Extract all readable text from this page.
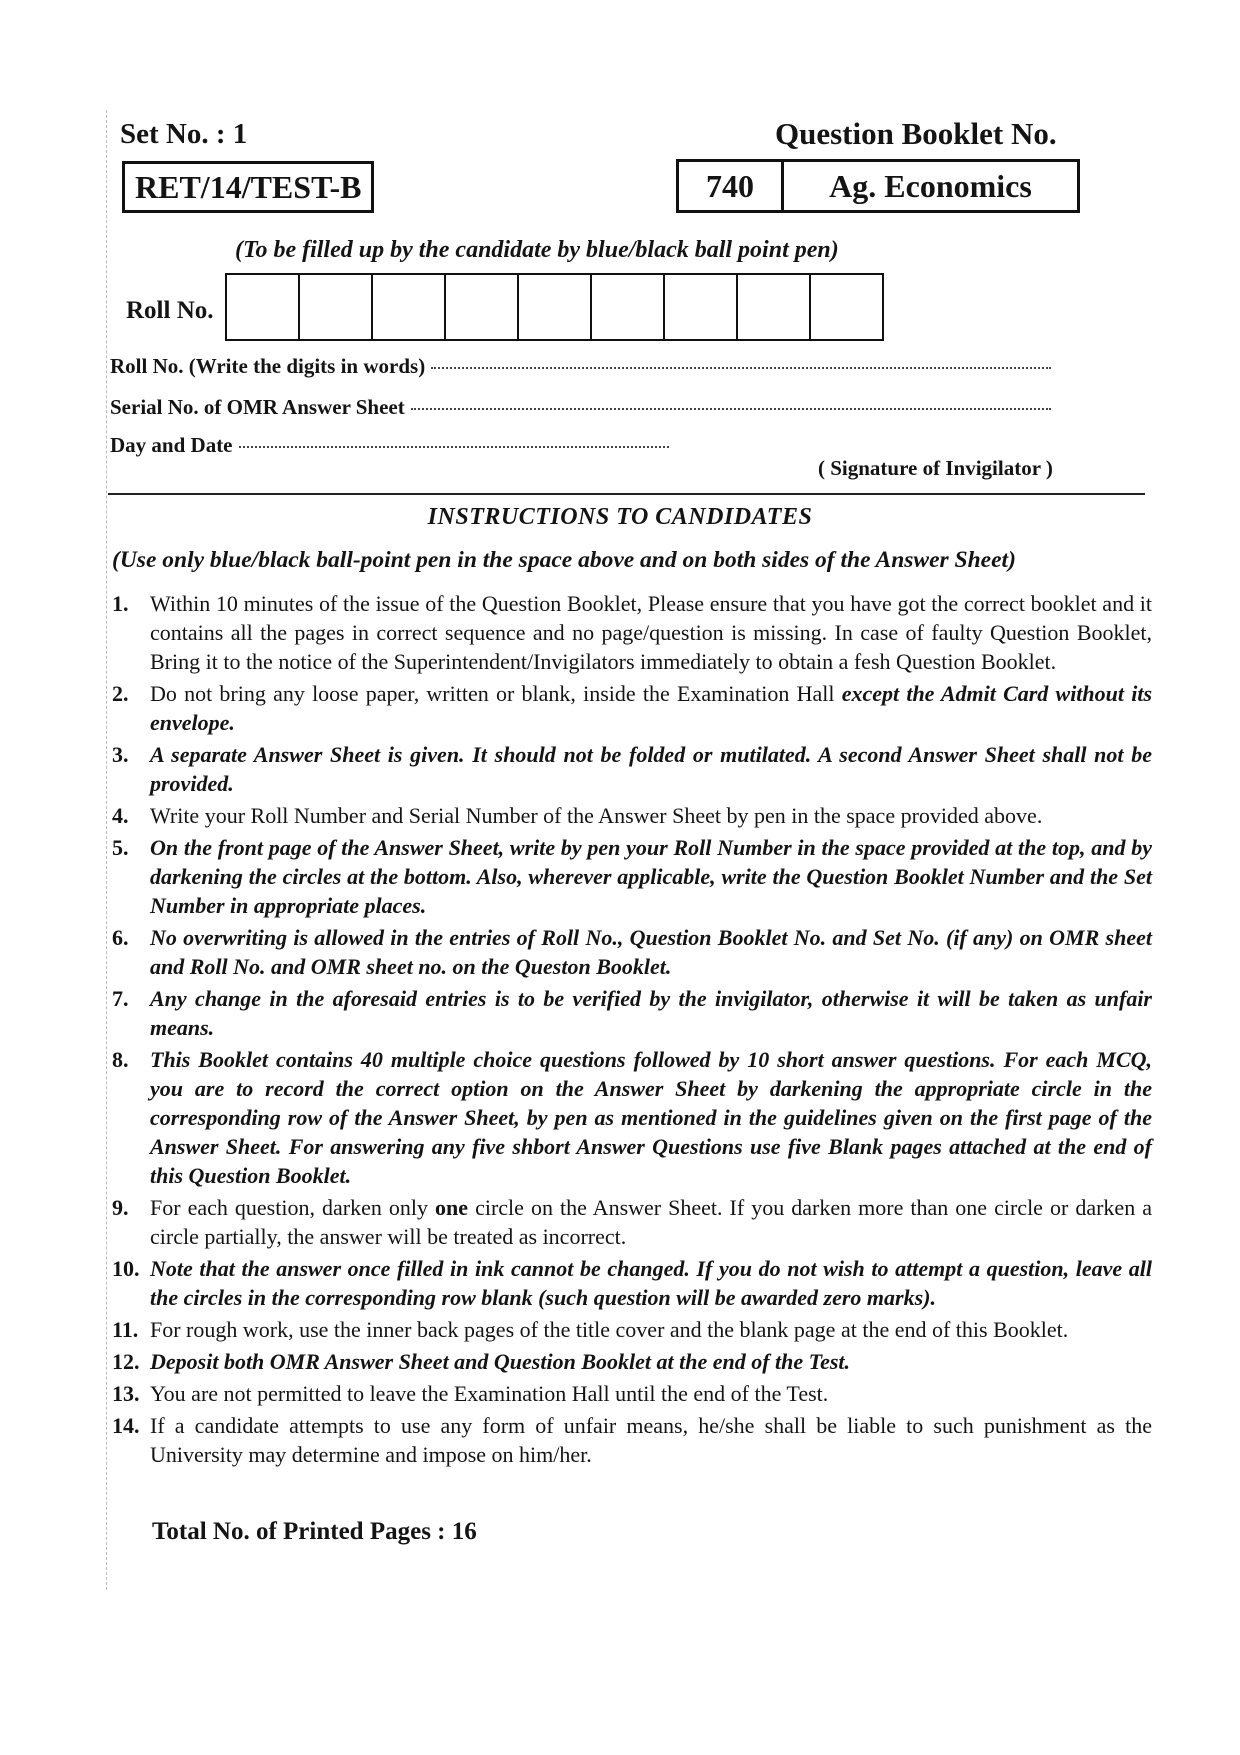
Set No. : 1	Question Booklet No.
RET/14/TEST-B	740	Ag. Economics
(To be filled up by the candidate by blue/black ball point pen)
Roll No.
Roll No. (Write the digits in words)
Serial No. of OMR Answer Sheet
Day and Date
( Signature of Invigilator )
INSTRUCTIONS TO CANDIDATES
(Use only blue/black ball-point pen in the space above and on both sides of the Answer Sheet)
1. Within 10 minutes of the issue of the Question Booklet, Please ensure that you have got the correct booklet and it contains all the pages in correct sequence and no page/question is missing. In case of faulty Question Booklet, Bring it to the notice of the Superintendent/Invigilators immediately to obtain a fesh Question Booklet.
2. Do not bring any loose paper, written or blank, inside the Examination Hall except the Admit Card without its envelope.
3. A separate Answer Sheet is given. It should not be folded or mutilated. A second Answer Sheet shall not be provided.
4. Write your Roll Number and Serial Number of the Answer Sheet by pen in the space provided above.
5. On the front page of the Answer Sheet, write by pen your Roll Number in the space provided at the top, and by darkening the circles at the bottom. Also, wherever applicable, write the Question Booklet Number and the Set Number in appropriate places.
6. No overwriting is allowed in the entries of Roll No., Question Booklet No. and Set No. (if any) on OMR sheet and Roll No. and OMR sheet no. on the Queston Booklet.
7. Any change in the aforesaid entries is to be verified by the invigilator, otherwise it will be taken as unfair means.
8. This Booklet contains 40 multiple choice questions followed by 10 short answer questions. For each MCQ, you are to record the correct option on the Answer Sheet by darkening the appropriate circle in the corresponding row of the Answer Sheet, by pen as mentioned in the guidelines given on the first page of the Answer Sheet. For answering any five shbort Answer Questions use five Blank pages attached at the end of this Question Booklet.
9. For each question, darken only one circle on the Answer Sheet. If you darken more than one circle or darken a circle partially, the answer will be treated as incorrect.
10. Note that the answer once filled in ink cannot be changed. If you do not wish to attempt a question, leave all the circles in the corresponding row blank (such question will be awarded zero marks).
11. For rough work, use the inner back pages of the title cover and the blank page at the end of this Booklet.
12. Deposit both OMR Answer Sheet and Question Booklet at the end of the Test.
13. You are not permitted to leave the Examination Hall until the end of the Test.
14. If a candidate attempts to use any form of unfair means, he/she shall be liable to such punishment as the University may determine and impose on him/her.
Total No. of Printed Pages : 16
